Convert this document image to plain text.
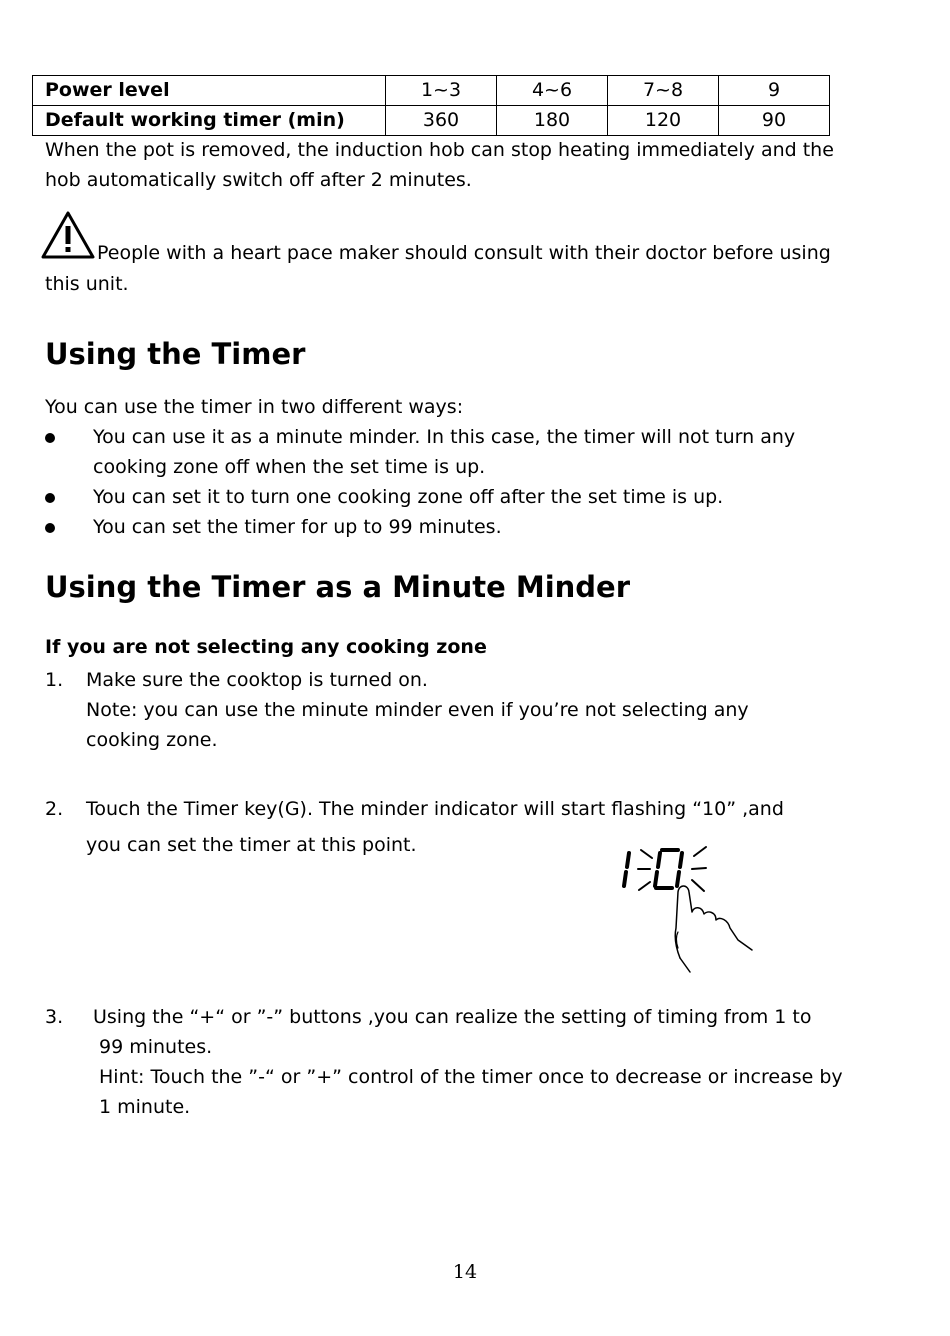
Power level	1~3	4~6	7~8	9
Default working timer (min)	360	180	120	90
When the pot is removed, the induction hob can stop heating immediately and the
hob automatically switch off after 2 minutes.
People with a heart pace maker should consult with their doctor before using
this unit.
Using the Timer
You can use the timer in two different ways:
You can use it as a minute minder. In this case, the timer will not turn any
cooking zone off when the set time is up.
You can set it to turn one cooking zone off after the set time is up.
You can set the timer for up to 99 minutes.
Using the Timer as a Minute Minder
If you are not selecting any cooking zone
1. Make sure the cooktop is turned on.
Note: you can use the minute minder even if you’re not selecting any
cooking zone.
2. Touch the Timer key(G). The minder indicator will start flashing “10” ,and
you can set the timer at this point.
3. Using the “+“ or ”-” buttons ,you can realize the setting of timing from 1 to
99 minutes.
Hint: Touch the ”-“ or ”+” control of the timer once to decrease or increase by
1 minute.
14
